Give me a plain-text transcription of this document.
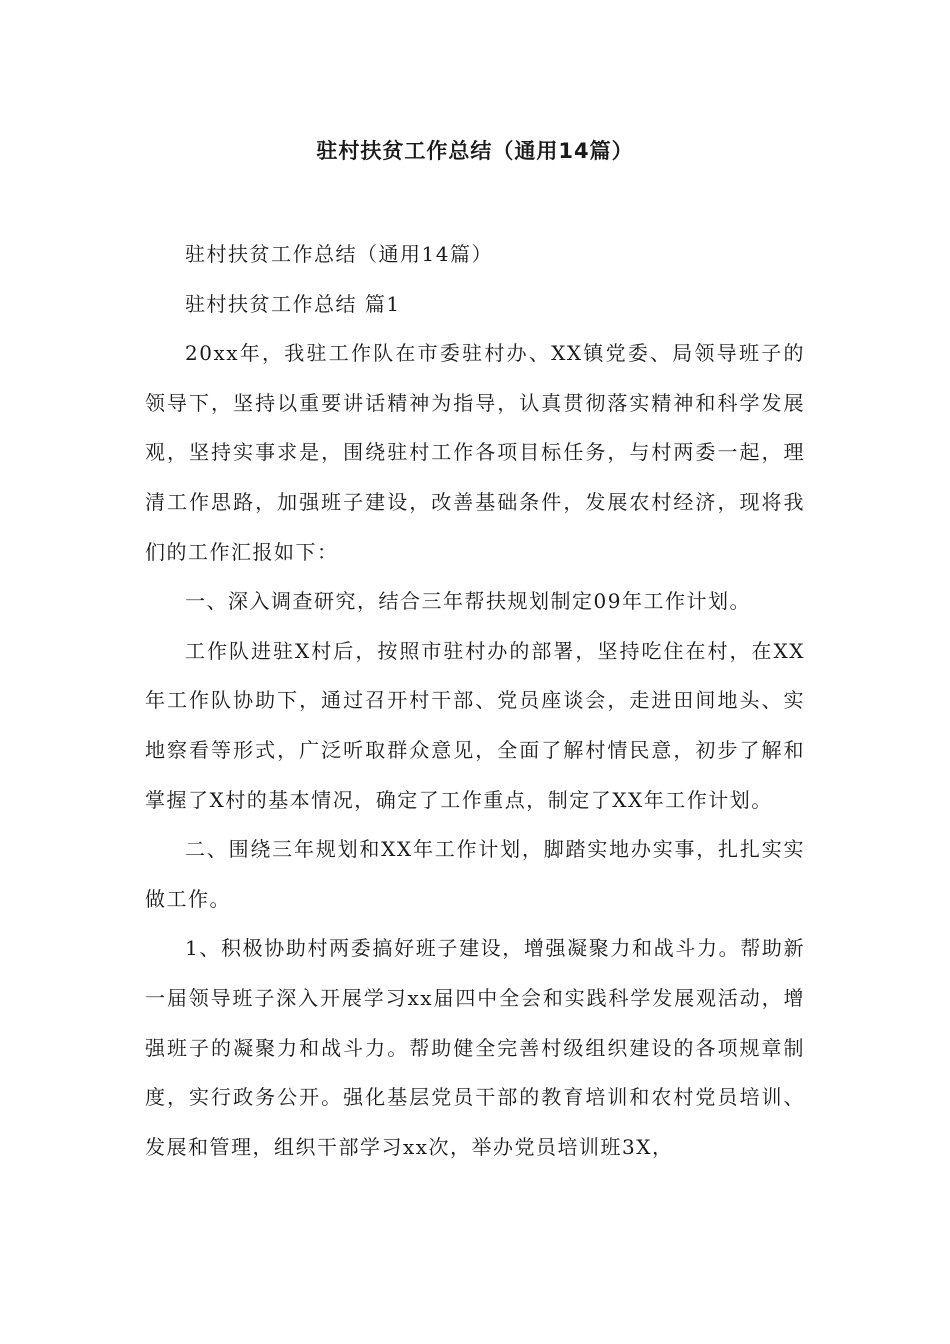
驻村扶贫工作总结（通用14篇）

驻村扶贫工作总结（通用14篇）

驻村扶贫工作总结 篇1

20xx年，我驻工作队在市委驻村办、XX镇党委、局领导班子的领导下，坚持以重要讲话精神为指导，认真贯彻落实精神和科学发展观，坚持实事求是，围绕驻村工作各项目标任务，与村两委一起，理清工作思路，加强班子建设，改善基础条件，发展农村经济，现将我们的工作汇报如下：

一、深入调查研究，结合三年帮扶规划制定09年工作计划。

工作队进驻X村后，按照市驻村办的部署，坚持吃住在村，在XX年工作队协助下，通过召开村干部、党员座谈会，走进田间地头、实地察看等形式，广泛听取群众意见，全面了解村情民意，初步了解和掌握了X村的基本情况，确定了工作重点，制定了XX年工作计划。

二、围绕三年规划和XX年工作计划，脚踏实地办实事，扎扎实实做工作。

1、积极协助村两委搞好班子建设，增强凝聚力和战斗力。帮助新一届领导班子深入开展学习xx届四中全会和实践科学发展观活动，增强班子的凝聚力和战斗力。帮助健全完善村级组织建设的各项规章制度，实行政务公开。强化基层党员干部的教育培训和农村党员培训、发展和管理，组织干部学习xx次，举办党员培训班3X，
